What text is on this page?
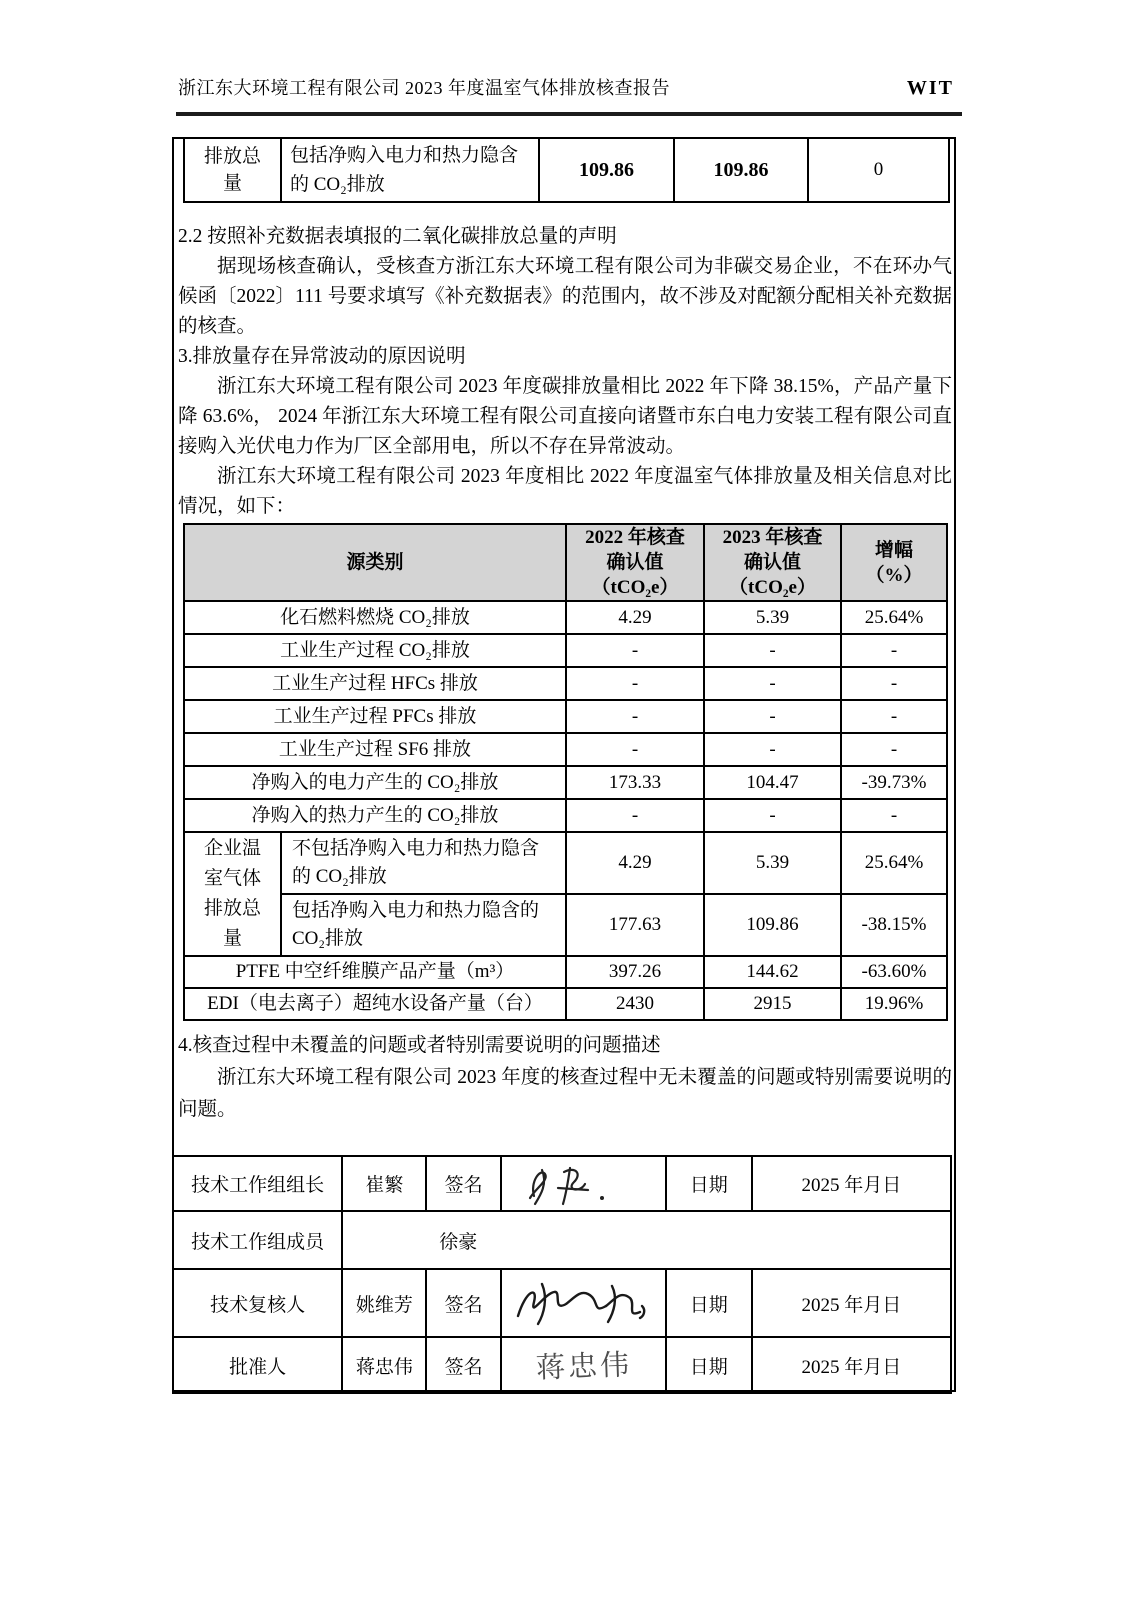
浙江东大环境工程有限公司 2023 年度温室气体排放核查报告	WIT
排放总量	包括净购入电力和热力隐含的 CO₂排放	109.86	109.86	0

2.2 按照补充数据表填报的二氧化碳排放总量的声明

据现场核查确认，受核查方浙江东大环境工程有限公司为非碳交易企业，不在环办气候函〔2022〕111 号要求填写《补充数据表》的范围内，故不涉及对配额分配相关补充数据的核查。

3.排放量存在异常波动的原因说明

浙江东大环境工程有限公司 2023 年度碳排放量相比 2022 年下降 38.15%，产品产量下降 63.6%， 2024 年浙江东大环境工程有限公司直接向诸暨市东白电力安装工程有限公司直接购入光伏电力作为厂区全部用电，所以不存在异常波动。

浙江东大环境工程有限公司 2023 年度相比 2022 年度温室气体排放量及相关信息对比情况，如下：

源类别		2022 年核查
确认值
（tCO₂e）	2023 年核查
确认值
（tCO₂e）	增幅
（%）

化石燃料燃烧 CO₂排放		4.29	5.39	25.64%
工业生产过程 CO₂排放		-	-	-
工业生产过程 HFCs 排放		-	-	-
工业生产过程 PFCs 排放		-	-	-
工业生产过程 SF6 排放		-	-	-
净购入的电力产生的 CO₂排放		173.33	104.47	-39.73%
净购入的热力产生的 CO₂排放		-	-	-
企业温室气体排放总量	不包括净购入电力和热力隐含的 CO₂排放	4.29	5.39	25.64%
	包括净购入电力和热力隐含的 CO₂排放	177.63	109.86	-38.15%
PTFE 中空纤维膜产品产量（m³）		397.26	144.62	-63.60%
EDI（电去离子）超纯水设备产量（台）		2430	2915	19.96%

4.核查过程中未覆盖的问题或者特别需要说明的问题描述

浙江东大环境工程有限公司 2023 年度的核查过程中无未覆盖的问题或特别需要说明的问题。

技术工作组组长	崔繁	签名		日期	2025 年月日
技术工作组成员	徐豪				
技术复核人	姚维芳	签名		日期	2025 年月日
批准人	蒋忠伟	签名	蒋忠伟	日期	2025 年月日
